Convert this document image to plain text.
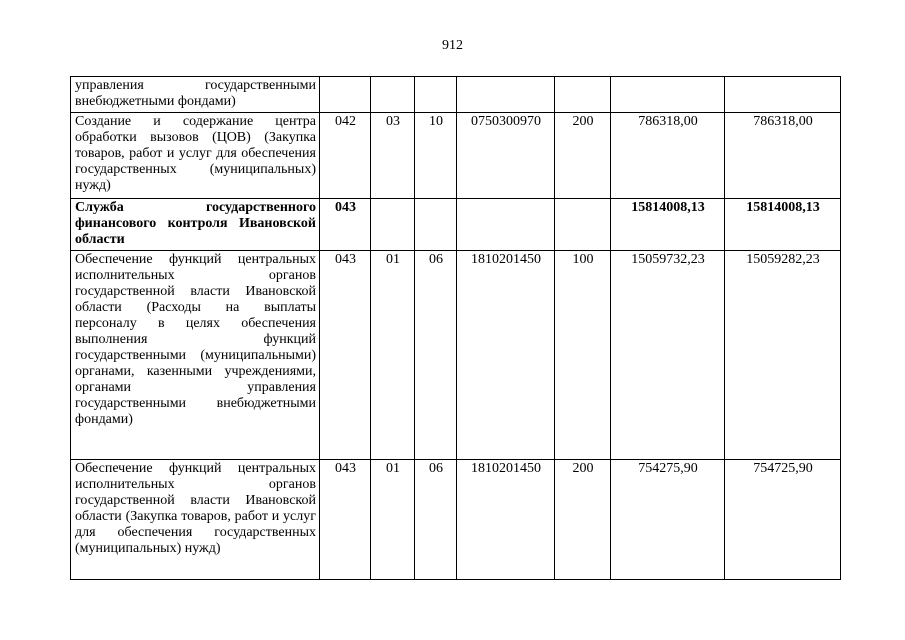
912
управления государственными внебюджетными фондами)							
Создание и содержание центра обработки вызовов (ЦОВ) (Закупка товаров, работ и услуг для обеспечения государственных (муниципальных) нужд)	042	03	10	0750300970	200	786318,00	786318,00
Служба государственного финансового контроля Ивановской области	043					15814008,13	15814008,13
Обеспечение функций центральных исполнительных органов государственной власти Ивановской области (Расходы на выплаты персоналу в целях обеспечения выполнения функций государственными (муниципальными) органами, казенными учреждениями, органами управления государственными внебюджетными фондами)	043	01	06	1810201450	100	15059732,23	15059282,23
Обеспечение функций центральных исполнительных органов государственной власти Ивановской области (Закупка товаров, работ и услуг для обеспечения государственных (муниципальных) нужд)	043	01	06	1810201450	200	754275,90	754725,90
